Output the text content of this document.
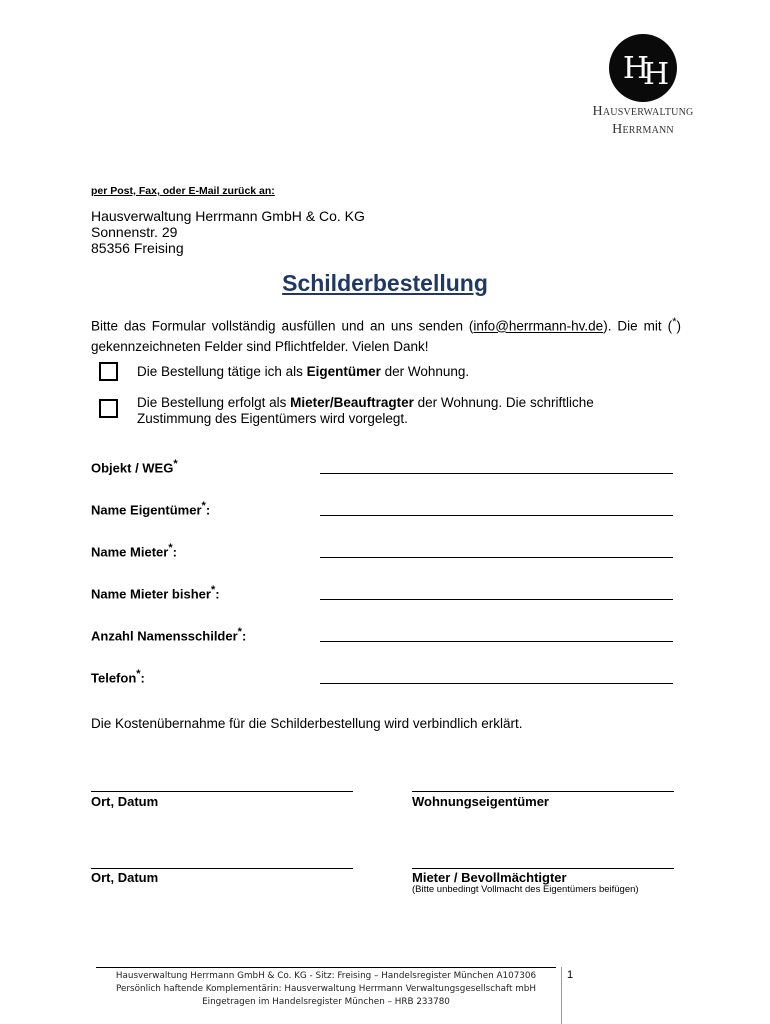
H H
Hausverwaltung
Herrmann
per Post, Fax, oder E-Mail zurück an:
Hausverwaltung Herrmann GmbH & Co. KG
Sonnenstr. 29
85356 Freising
Schilderbestellung
Bitte das Formular vollständig ausfüllen und an uns senden (info@herrmann-hv.de). Die mit (*) gekennzeichneten Felder sind Pflichtfelder. Vielen Dank!
Die Bestellung tätige ich als Eigentümer der Wohnung.
Die Bestellung erfolgt als Mieter/Beauftragter der Wohnung. Die schriftliche Zustimmung des Eigentümers wird vorgelegt.
Objekt / WEG*
Name Eigentümer*:
Name Mieter*:
Name Mieter bisher*:
Anzahl Namensschilder*:
Telefon*:
Die Kostenübernahme für die Schilderbestellung wird verbindlich erklärt.
Ort, Datum	Wohnungseigentümer
Ort, Datum	Mieter / Bevollmächtigter
(Bitte unbedingt Vollmacht des Eigentümers beifügen)
Hausverwaltung Herrmann GmbH & Co. KG - Sitz: Freising – Handelsregister München A107306
Persönlich haftende Komplementärin: Hausverwaltung Herrmann Verwaltungsgesellschaft mbH
Eingetragen im Handelsregister München – HRB 233780
1
